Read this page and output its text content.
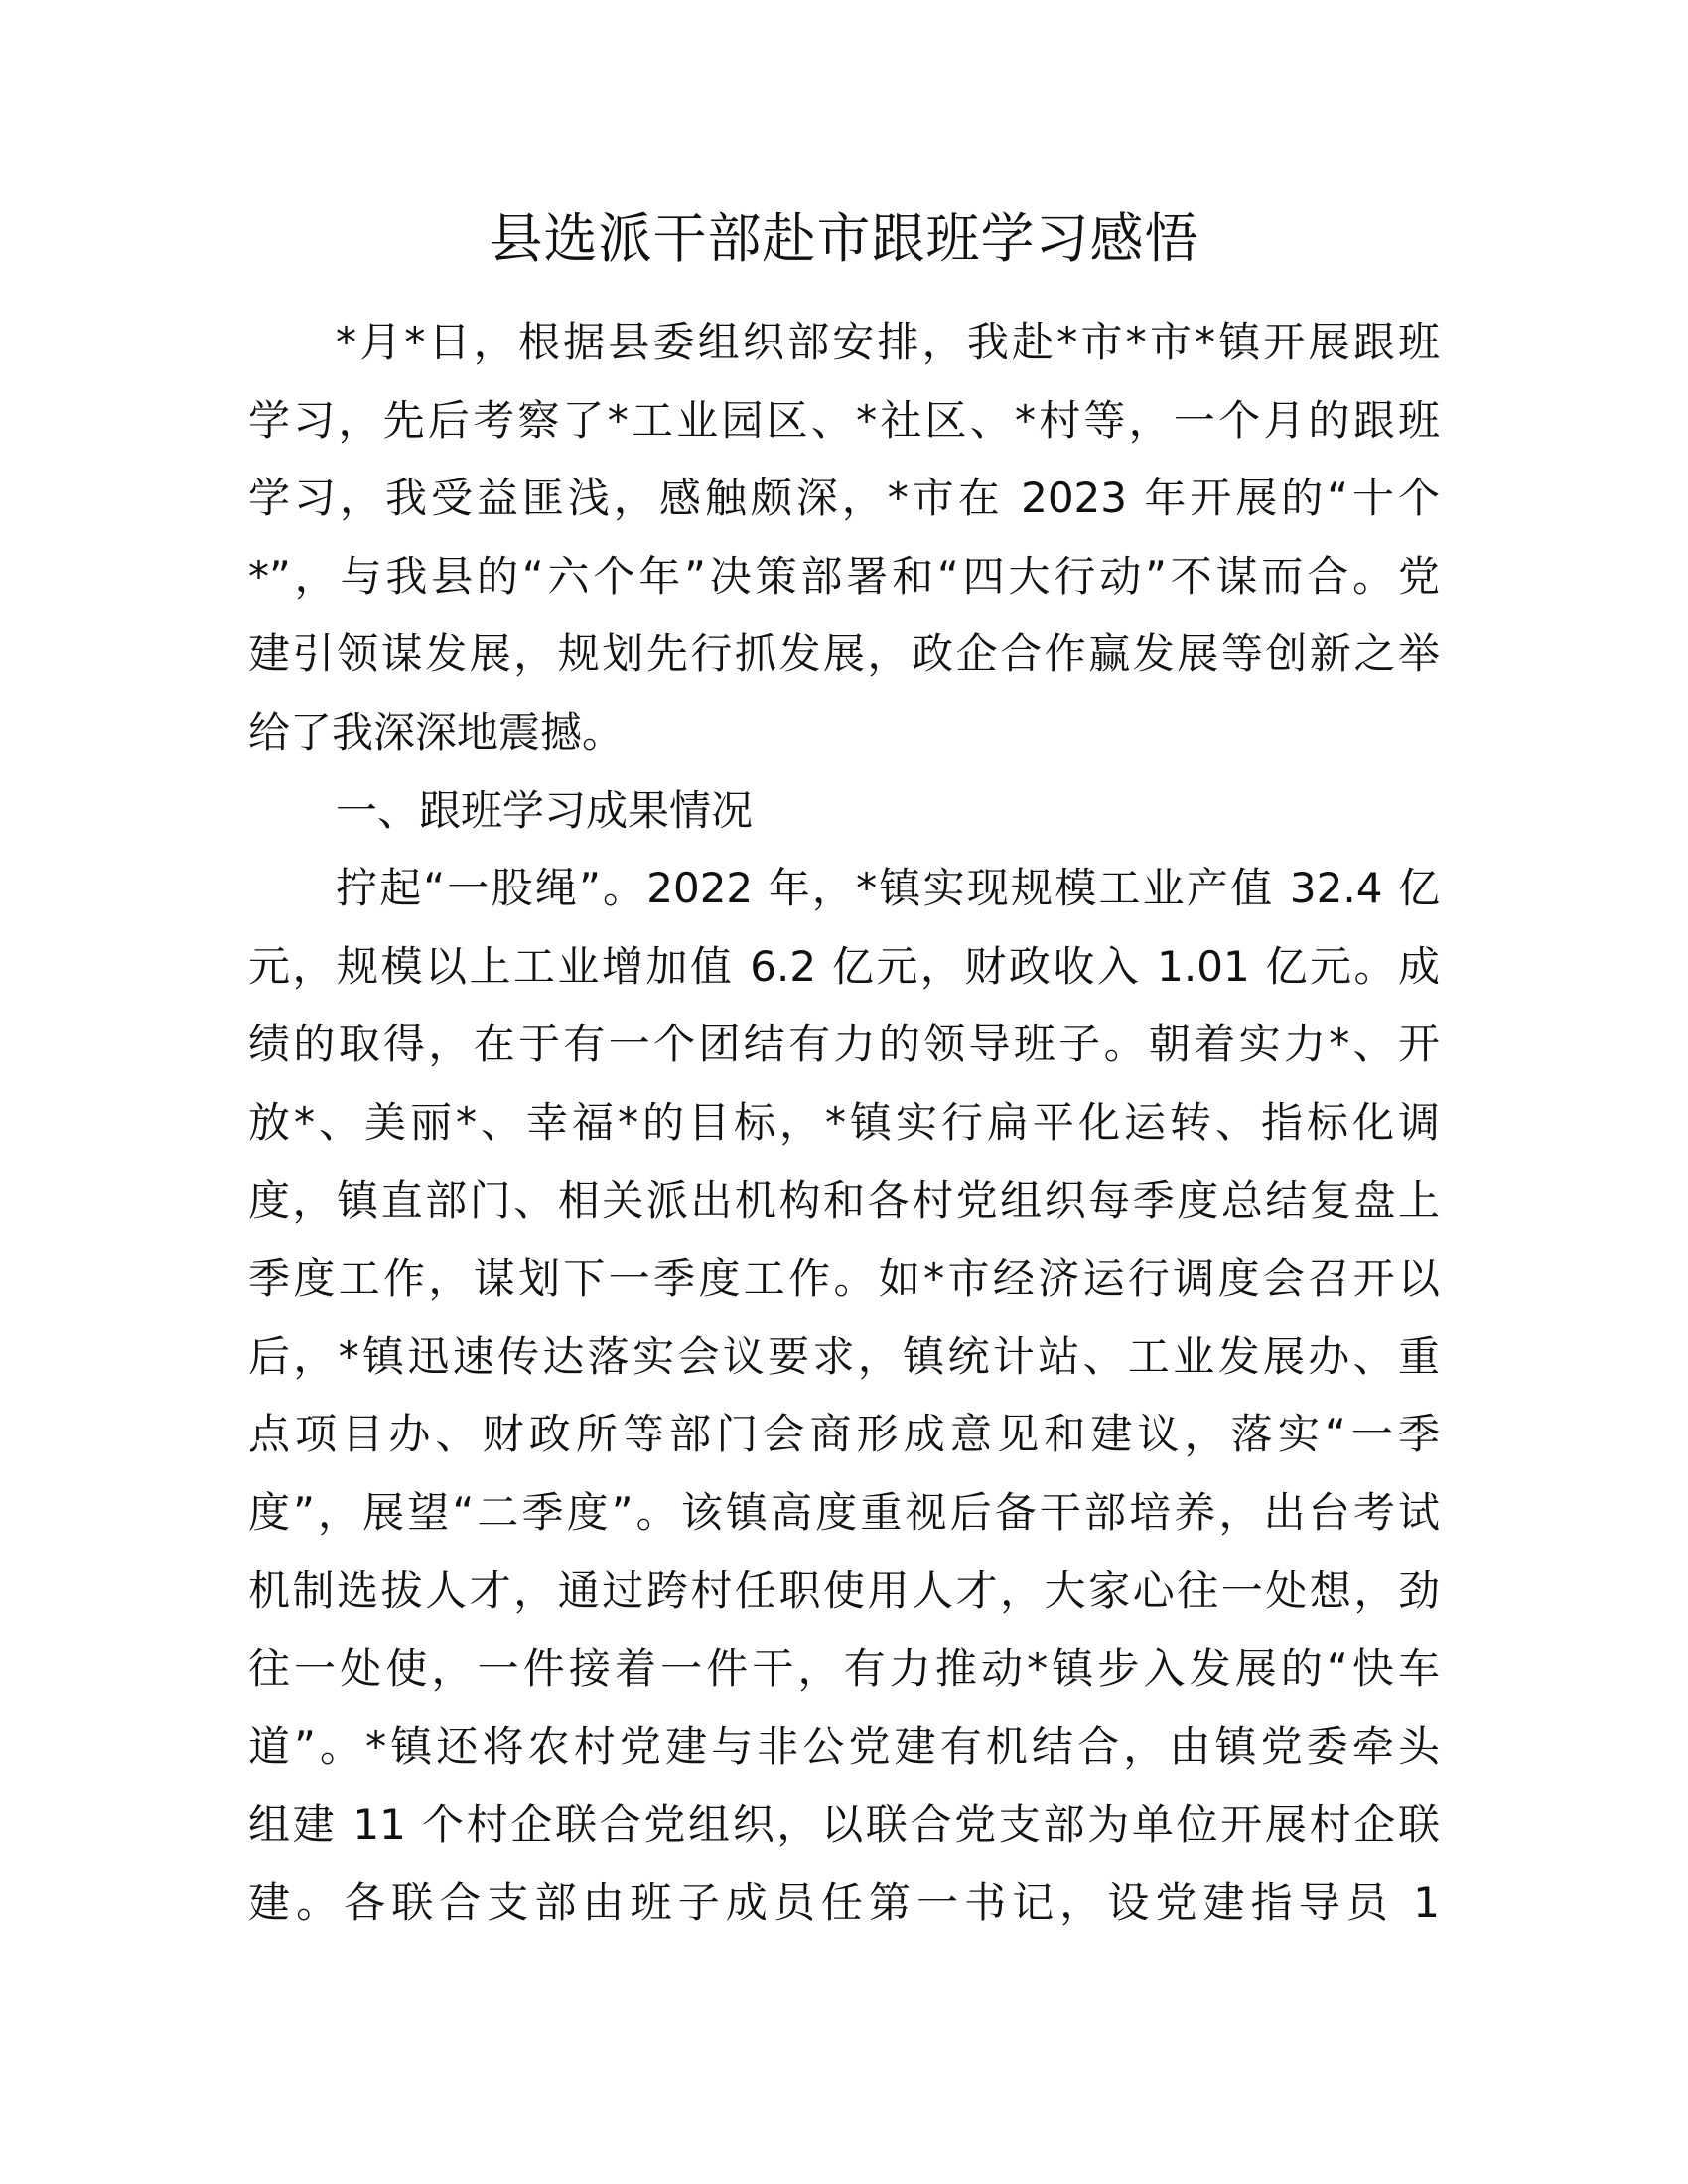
县选派干部赴市跟班学习感悟
*月*日，根据县委组织部安排，我赴*市*市*镇开展跟班
学习，先后考察了*工业园区、*社区、*村等，一个月的跟班
学习，我受益匪浅，感触颇深，*市在 2023 年开展的“十个
*”，与我县的“六个年”决策部署和“四大行动”不谋而合。党
建引领谋发展，规划先行抓发展，政企合作赢发展等创新之举
给了我深深地震撼。
一、跟班学习成果情况
拧起“一股绳”。2022 年，*镇实现规模工业产值 32.4 亿
元，规模以上工业增加值 6.2 亿元，财政收入 1.01 亿元。成
绩的取得，在于有一个团结有力的领导班子。朝着实力*、开
放*、美丽*、幸福*的目标，*镇实行扁平化运转、指标化调
度，镇直部门、相关派出机构和各村党组织每季度总结复盘上
季度工作，谋划下一季度工作。如*市经济运行调度会召开以
后，*镇迅速传达落实会议要求，镇统计站、工业发展办、重
点项目办、财政所等部门会商形成意见和建议，落实“一季
度”，展望“二季度”。该镇高度重视后备干部培养，出台考试
机制选拔人才，通过跨村任职使用人才，大家心往一处想，劲
往一处使，一件接着一件干，有力推动*镇步入发展的“快车
道”。*镇还将农村党建与非公党建有机结合，由镇党委牵头
组建 11 个村企联合党组织，以联合党支部为单位开展村企联
建。各联合支部由班子成员任第一书记，设党建指导员 1
